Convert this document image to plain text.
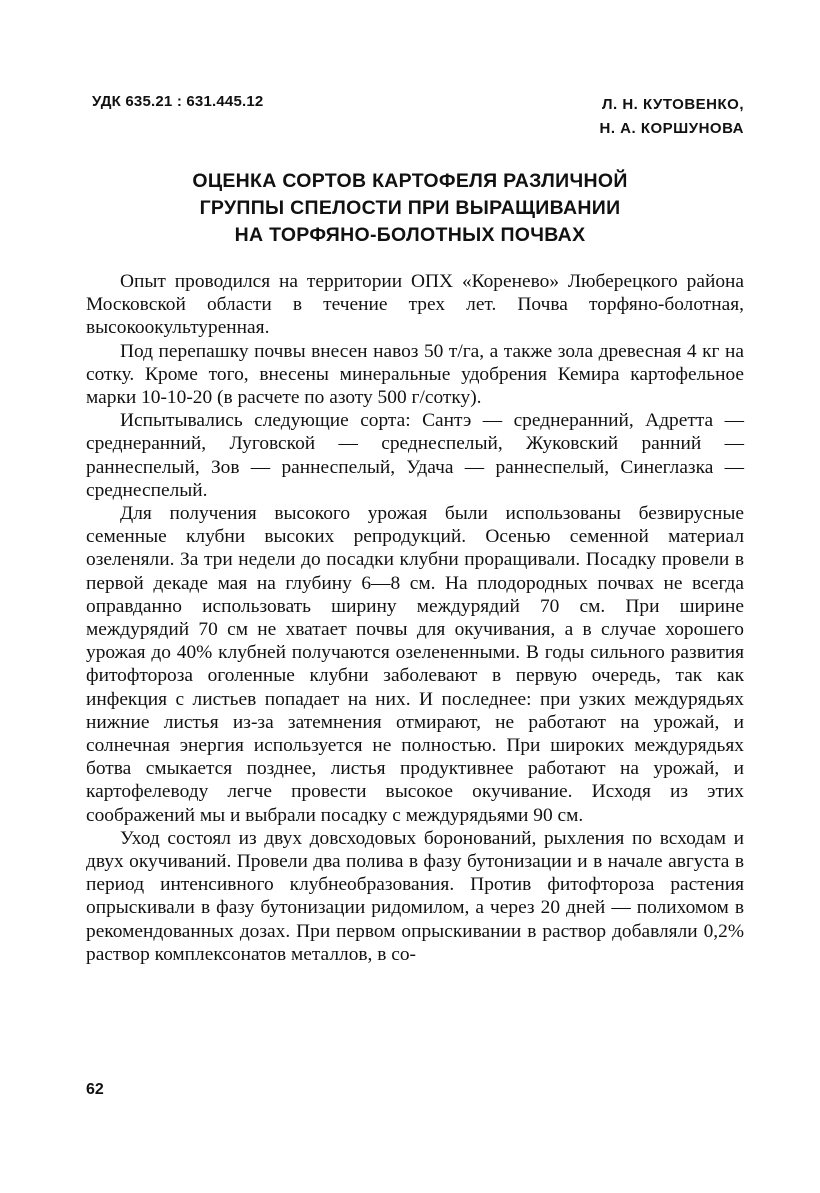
УДК 635.21 : 631.445.12	Л. Н. КУТОВЕНКО,
Н. А. КОРШУНОВА
ОЦЕНКА СОРТОВ КАРТОФЕЛЯ РАЗЛИЧНОЙ
ГРУППЫ СПЕЛОСТИ ПРИ ВЫРАЩИВАНИИ
НА ТОРФЯНО-БОЛОТНЫХ ПОЧВАХ

Опыт проводился на территории ОПХ «Коренево» Люберецкого района Московской области в течение трех лет. Почва торфяно-болотная, высокоокультуренная.

Под перепашку почвы внесен навоз 50 т/га, а также зола древесная 4 кг на сотку. Кроме того, внесены минеральные удобрения Кемира картофельное марки 10-10-20 (в расчете по азоту 500 г/сотку).

Испытывались следующие сорта: Сантэ — среднеранний, Адретта — среднеранний, Луговской — среднеспелый, Жуковский ранний — раннеспелый, Зов — раннеспелый, Удача — раннеспелый, Синеглазка — среднеспелый.

Для получения высокого урожая были использованы безвирусные семенные клубни высоких репродукций. Осенью семенной материал озеленяли. За три недели до посадки клубни проращивали. Посадку провели в первой декаде мая на глубину 6—8 см. На плодородных почвах не всегда оправданно использовать ширину междурядий 70 см. При ширине междурядий 70 см не хватает почвы для окучивания, а в случае хорошего урожая до 40% клубней получаются озелененными. В годы сильного развития фитофтороза оголенные клубни заболевают в первую очередь, так как инфекция с листьев попадает на них. И последнее: при узких междурядьях нижние листья из-за затемнения отмирают, не работают на урожай, и солнечная энергия используется не полностью. При широких междурядьях ботва смыкается позднее, листья продуктивнее работают на урожай, и картофелеводу легче провести высокое окучивание. Исходя из этих соображений мы и выбрали посадку с междурядьями 90 см.

Уход состоял из двух довсходовых боронований, рыхления по всходам и двух окучиваний. Провели два полива в фазу бутонизации и в начале августа в период интенсивного клубнеобразования. Против фитофтороза растения опрыскивали в фазу бутонизации ридомилом, а через 20 дней — полихомом в рекомендованных дозах. При первом опрыскивании в раствор добавляли 0,2% раствор комплексонатов металлов, в со-

62
